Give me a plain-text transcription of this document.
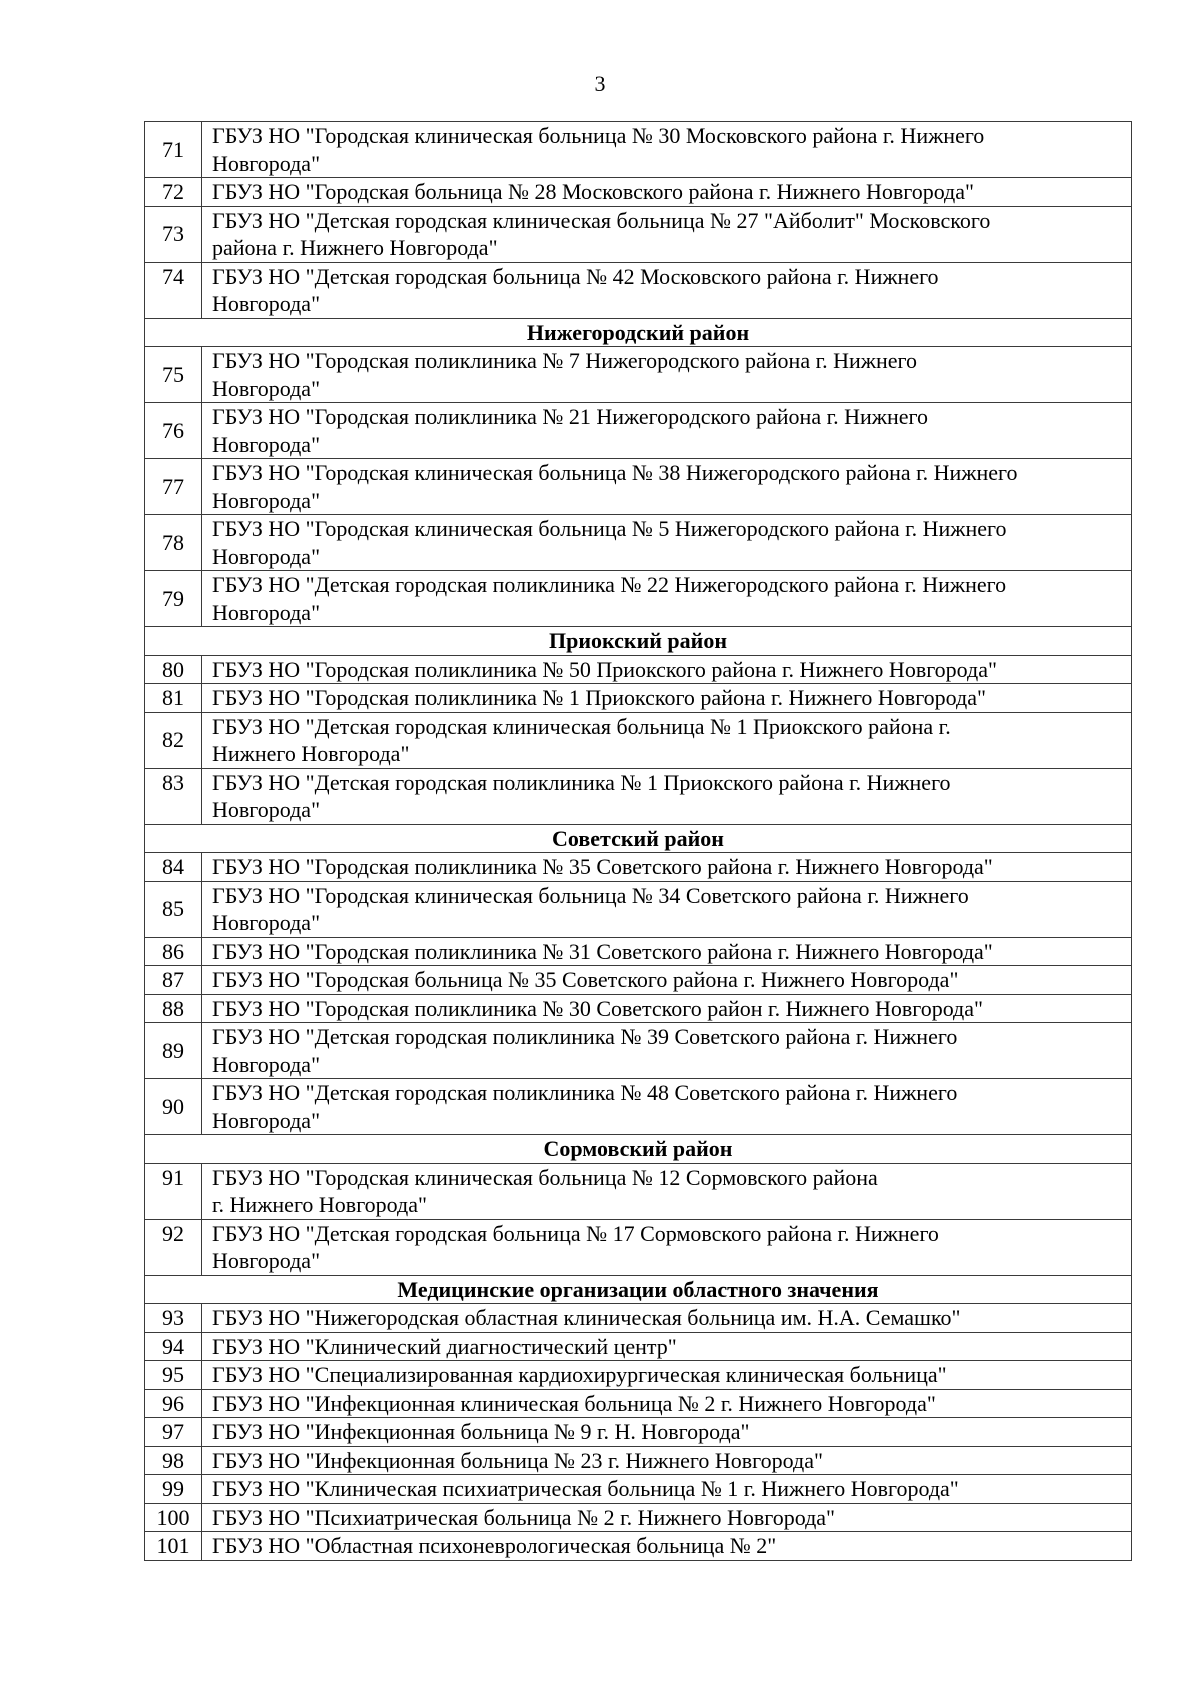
3
71	ГБУЗ НО "Городская клиническая больница № 30 Московского района г. Нижнего
Новгорода"
72	ГБУЗ НО "Городская больница № 28 Московского района г. Нижнего Новгорода"
73	ГБУЗ НО "Детская городская клиническая больница № 27 "Айболит" Московского
района г. Нижнего Новгорода"
74	ГБУЗ НО "Детская городская больница № 42 Московского района г. Нижнего
Новгорода"
Нижегородский район	
75	ГБУЗ НО "Городская поликлиника № 7 Нижегородского района г. Нижнего
Новгорода"
76	ГБУЗ НО "Городская поликлиника № 21 Нижегородского района г. Нижнего
Новгорода"
77	ГБУЗ НО "Городская клиническая больница № 38 Нижегородского района г. Нижнего
Новгорода"
78	ГБУЗ НО "Городская клиническая больница № 5 Нижегородского района г. Нижнего
Новгорода"
79	ГБУЗ НО "Детская городская поликлиника № 22 Нижегородского района г. Нижнего
Новгорода"
Приокский район	
80	ГБУЗ НО "Городская поликлиника № 50 Приокского района г. Нижнего Новгорода"
81	ГБУЗ НО "Городская поликлиника № 1 Приокского района г. Нижнего Новгорода"
82	ГБУЗ НО "Детская городская клиническая больница № 1 Приокского района г.
Нижнего Новгорода"
83	ГБУЗ НО "Детская городская поликлиника № 1 Приокского района г. Нижнего
Новгорода"
Советский район	
84	ГБУЗ НО "Городская поликлиника № 35 Советского района г. Нижнего Новгорода"
85	ГБУЗ НО "Городская клиническая больница № 34 Советского района г. Нижнего
Новгорода"
86	ГБУЗ НО "Городская поликлиника № 31 Советского района г. Нижнего Новгорода"
87	ГБУЗ НО "Городская больница № 35 Советского района г. Нижнего Новгорода"
88	ГБУЗ НО "Городская поликлиника № 30 Советского район г. Нижнего Новгорода"
89	ГБУЗ НО "Детская городская поликлиника № 39 Советского района г. Нижнего
Новгорода"
90	ГБУЗ НО "Детская городская поликлиника № 48 Советского района г. Нижнего
Новгорода"
Сормовский район	
91	ГБУЗ НО "Городская клиническая больница № 12 Сормовского района
г. Нижнего Новгорода"
92	ГБУЗ НО "Детская городская больница № 17 Сормовского района г. Нижнего
Новгорода"
Медицинские организации областного значения	
93	ГБУЗ НО "Нижегородская областная клиническая больница им. Н.А. Семашко"
94	ГБУЗ НО "Клинический диагностический центр"
95	ГБУЗ НО "Специализированная кардиохирургическая клиническая больница"
96	ГБУЗ НО "Инфекционная клиническая больница № 2 г. Нижнего Новгорода"
97	ГБУЗ НО "Инфекционная больница № 9 г. Н. Новгорода"
98	ГБУЗ НО "Инфекционная больница № 23 г. Нижнего Новгорода"
99	ГБУЗ НО "Клиническая психиатрическая больница № 1 г. Нижнего Новгорода"
100	ГБУЗ НО "Психиатрическая больница № 2 г. Нижнего Новгорода"
101	ГБУЗ НО "Областная психоневрологическая больница № 2"
